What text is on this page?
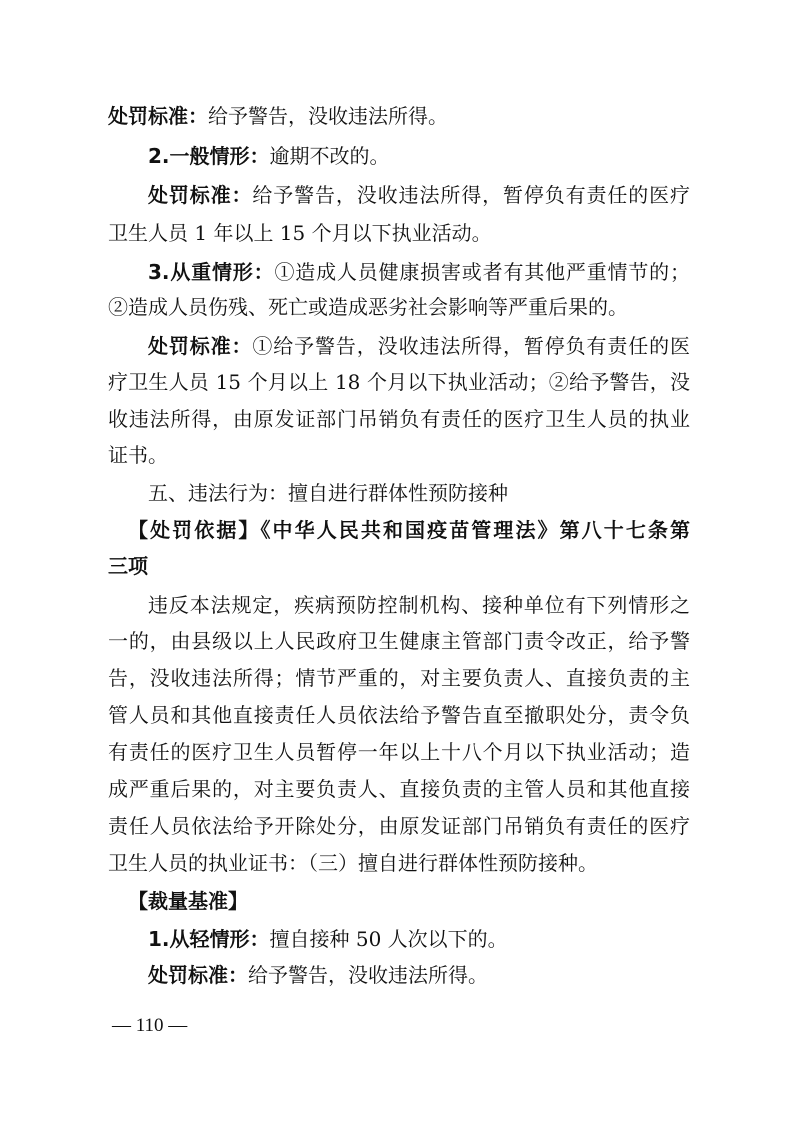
处罚标准：给予警告，没收违法所得。
2.一般情形：逾期不改的。
处罚标准：给予警告，没收违法所得，暂停负有责任的医疗
卫生人员 1 年以上 15 个月以下执业活动。
3.从重情形：①造成人员健康损害或者有其他严重情节的；
②造成人员伤残、死亡或造成恶劣社会影响等严重后果的。
处罚标准：①给予警告，没收违法所得，暂停负有责任的医
疗卫生人员 15 个月以上 18 个月以下执业活动；②给予警告，没
收违法所得，由原发证部门吊销负有责任的医疗卫生人员的执业
证书。
五、违法行为：擅自进行群体性预防接种
【处罚依据】《中华人民共和国疫苗管理法》第八十七条第
三项
违反本法规定，疾病预防控制机构、接种单位有下列情形之
一的，由县级以上人民政府卫生健康主管部门责令改正，给予警
告，没收违法所得；情节严重的，对主要负责人、直接负责的主
管人员和其他直接责任人员依法给予警告直至撤职处分，责令负
有责任的医疗卫生人员暂停一年以上十八个月以下执业活动；造
成严重后果的，对主要负责人、直接负责的主管人员和其他直接
责任人员依法给予开除处分，由原发证部门吊销负有责任的医疗
卫生人员的执业证书：（三）擅自进行群体性预防接种。
【裁量基准】
1.从轻情形：擅自接种 50 人次以下的。
处罚标准：给予警告，没收违法所得。
— 110 —
